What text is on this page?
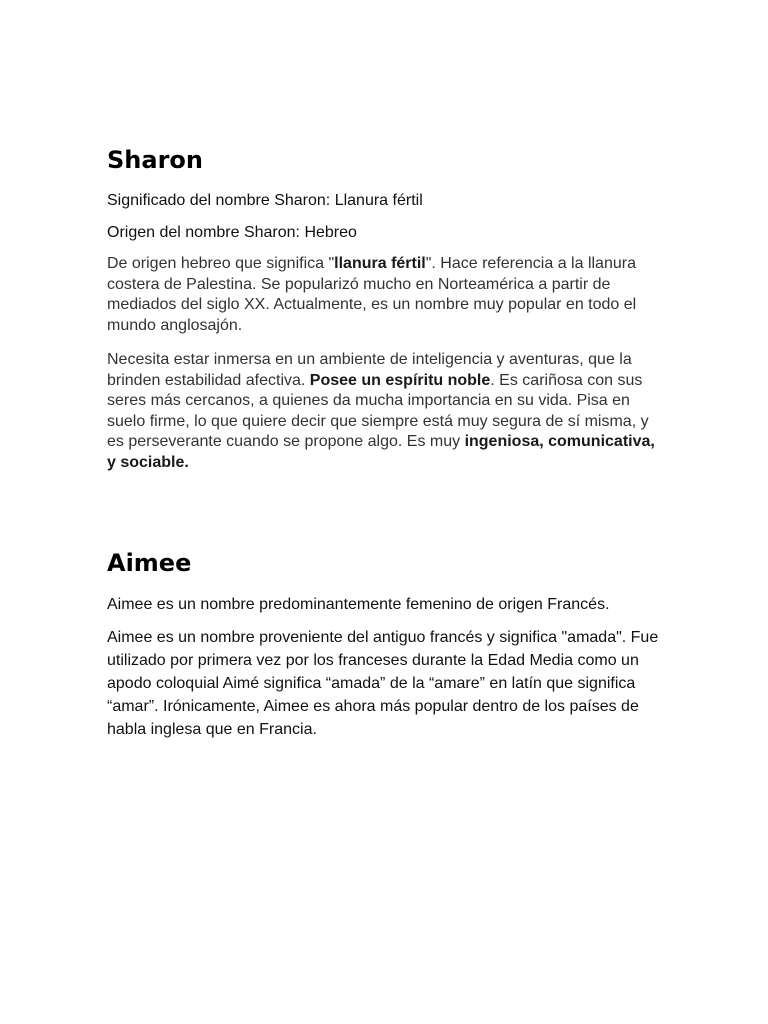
Sharon

Significado del nombre Sharon: Llanura fértil

Origen del nombre Sharon: Hebreo

De origen hebreo que significa "llanura fértil". Hace referencia a la llanura costera de Palestina. Se popularizó mucho en Norteamérica a partir de mediados del siglo XX. Actualmente, es un nombre muy popular en todo el mundo anglosajón.

Necesita estar inmersa en un ambiente de inteligencia y aventuras, que la brinden estabilidad afectiva. Posee un espíritu noble. Es cariñosa con sus seres más cercanos, a quienes da mucha importancia en su vida. Pisa en suelo firme, lo que quiere decir que siempre está muy segura de sí misma, y es perseverante cuando se propone algo. Es muy ingeniosa, comunicativa, y sociable.

Aimee

Aimee es un nombre predominantemente femenino de origen Francés.

Aimee es un nombre proveniente del antiguo francés y significa "amada". Fue utilizado por primera vez por los franceses durante la Edad Media como un apodo coloquial Aimé significa “amada” de la “amare” en latín que significa “amar”. Irónicamente, Aimee es ahora más popular dentro de los países de habla inglesa que en Francia.
